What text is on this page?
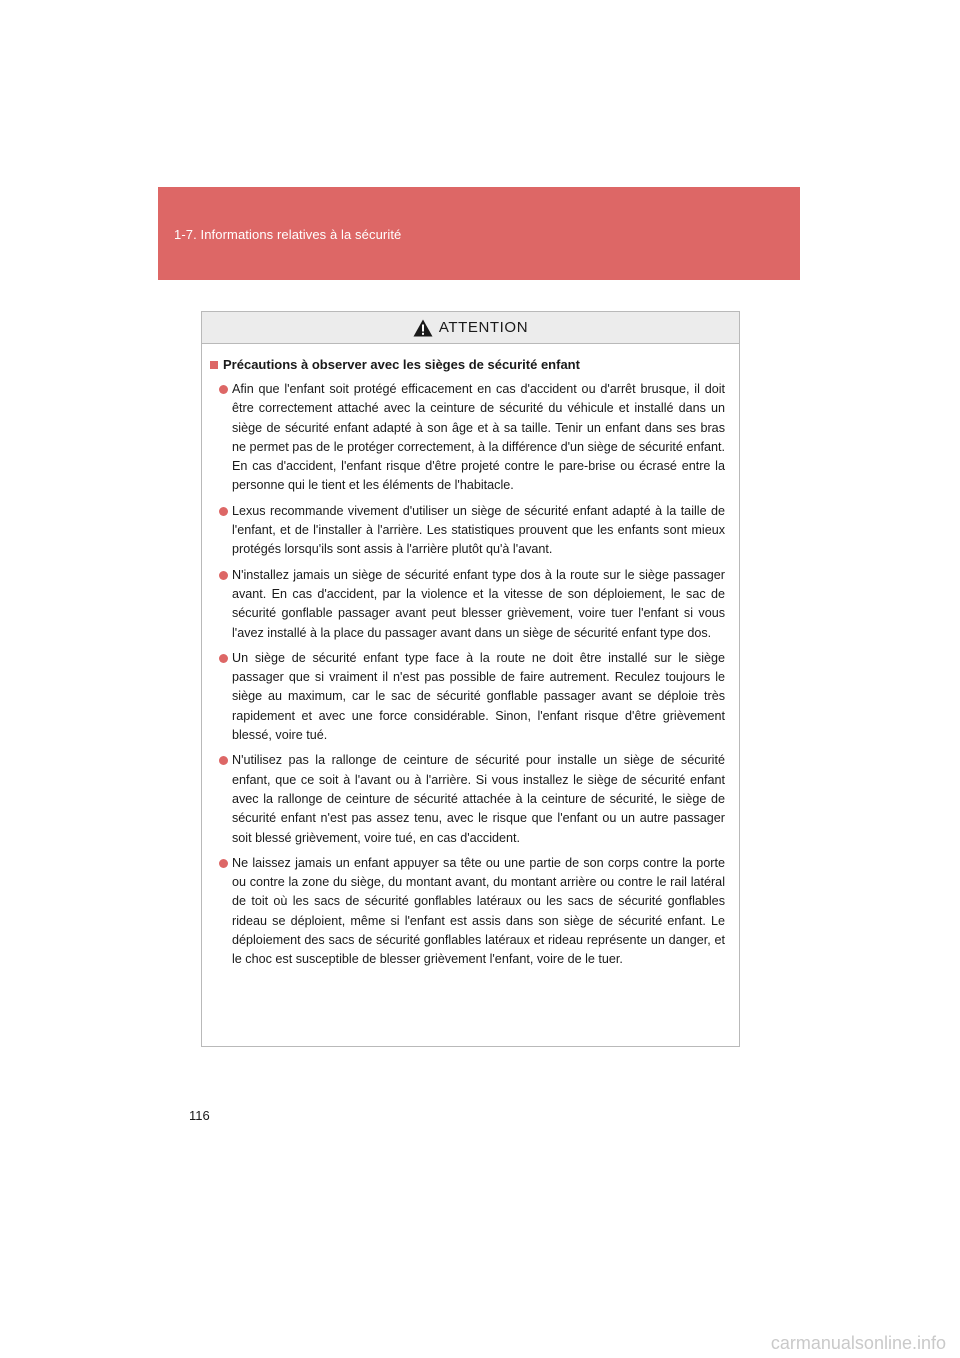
1-7. Informations relatives à la sécurité
ATTENTION
Précautions à observer avec les sièges de sécurité enfant
Afin que l'enfant soit protégé efficacement en cas d'accident ou d'arrêt brusque, il doit être correctement attaché avec la ceinture de sécurité du véhicule et installé dans un siège de sécurité enfant adapté à son âge et à sa taille. Tenir un enfant dans ses bras ne permet pas de le protéger correctement, à la différence d'un siège de sécurité enfant. En cas d'accident, l'enfant risque d'être projeté contre le pare-brise ou écrasé entre la personne qui le tient et les éléments de l'habitacle.
Lexus recommande vivement d'utiliser un siège de sécurité enfant adapté à la taille de l'enfant, et de l'installer à l'arrière. Les statistiques prouvent que les enfants sont mieux protégés lorsqu'ils sont assis à l'arrière plutôt qu'à l'avant.
N'installez jamais un siège de sécurité enfant type dos à la route sur le siège passager avant. En cas d'accident, par la violence et la vitesse de son déploiement, le sac de sécurité gonflable passager avant peut blesser grièvement, voire tuer l'enfant si vous l'avez installé à la place du passager avant dans un siège de sécurité enfant type dos.
Un siège de sécurité enfant type face à la route ne doit être installé sur le siège passager que si vraiment il n'est pas possible de faire autrement. Reculez toujours le siège au maximum, car le sac de sécurité gonflable passager avant se déploie très rapidement et avec une force considérable. Sinon, l'enfant risque d'être grièvement blessé, voire tué.
N'utilisez pas la rallonge de ceinture de sécurité pour installe un siège de sécurité enfant, que ce soit à l'avant ou à l'arrière. Si vous installez le siège de sécurité enfant avec la rallonge de ceinture de sécurité attachée à la ceinture de sécurité, le siège de sécurité enfant n'est pas assez tenu, avec le risque que l'enfant ou un autre passager soit blessé grièvement, voire tué, en cas d'accident.
Ne laissez jamais un enfant appuyer sa tête ou une partie de son corps contre la porte ou contre la zone du siège, du montant avant, du montant arrière ou contre le rail latéral de toit où les sacs de sécurité gonflables latéraux ou les sacs de sécurité gonflables rideau se déploient, même si l'enfant est assis dans son siège de sécurité enfant. Le déploiement des sacs de sécurité gonflables latéraux et rideau représente un danger, et le choc est susceptible de blesser grièvement l'enfant, voire de le tuer.
116
carmanualsonline.info
